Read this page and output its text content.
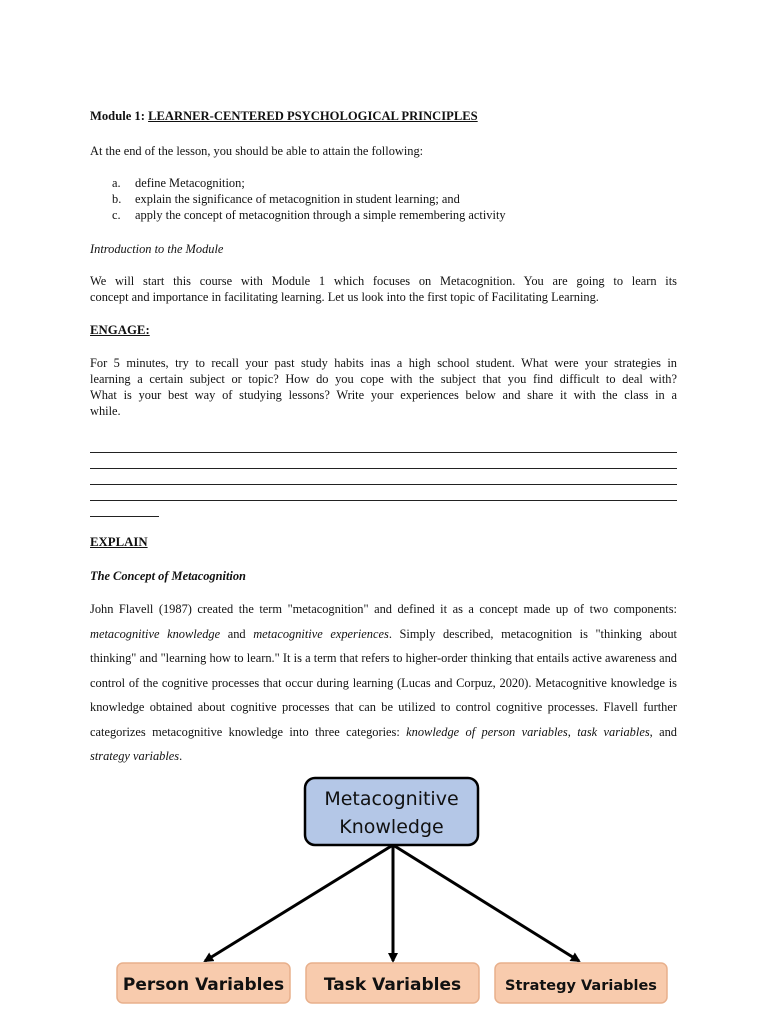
Module 1: LEARNER-CENTERED PSYCHOLOGICAL PRINCIPLES
At the end of the lesson, you should be able to attain the following:
a. define Metacognition;
b. explain the significance of metacognition in student learning; and
c. apply the concept of metacognition through a simple remembering activity
Introduction to the Module
We will start this course with Module 1 which focuses on Metacognition. You are going to learn its
concept and importance in facilitating learning. Let us look into the first topic of Facilitating Learning.
ENGAGE:
For 5 minutes, try to recall your past study habits inas a high school student. What were your strategies in
learning a certain subject or topic? How do you cope with the subject that you find difficult to deal with?
What is your best way of studying lessons? Write your experiences below and share it with the class in a
while.
EXPLAIN
The Concept of Metacognition
John Flavell (1987) created the term "metacognition" and defined it as a concept made up of two components: metacognitive knowledge and metacognitive experiences. Simply described, metacognition is "thinking about thinking" and "learning how to learn." It is a term that refers to higher-order thinking that entails active awareness and control of the cognitive processes that occur during learning (Lucas and Corpuz, 2020). Metacognitive knowledge is knowledge obtained about cognitive processes that can be utilized to control cognitive processes. Flavell further categorizes metacognitive knowledge into three categories: knowledge of person variables, task variables, and strategy variables.
Metacognitive
Knowledge
Person Variables Task Variables	Strategy Variables
